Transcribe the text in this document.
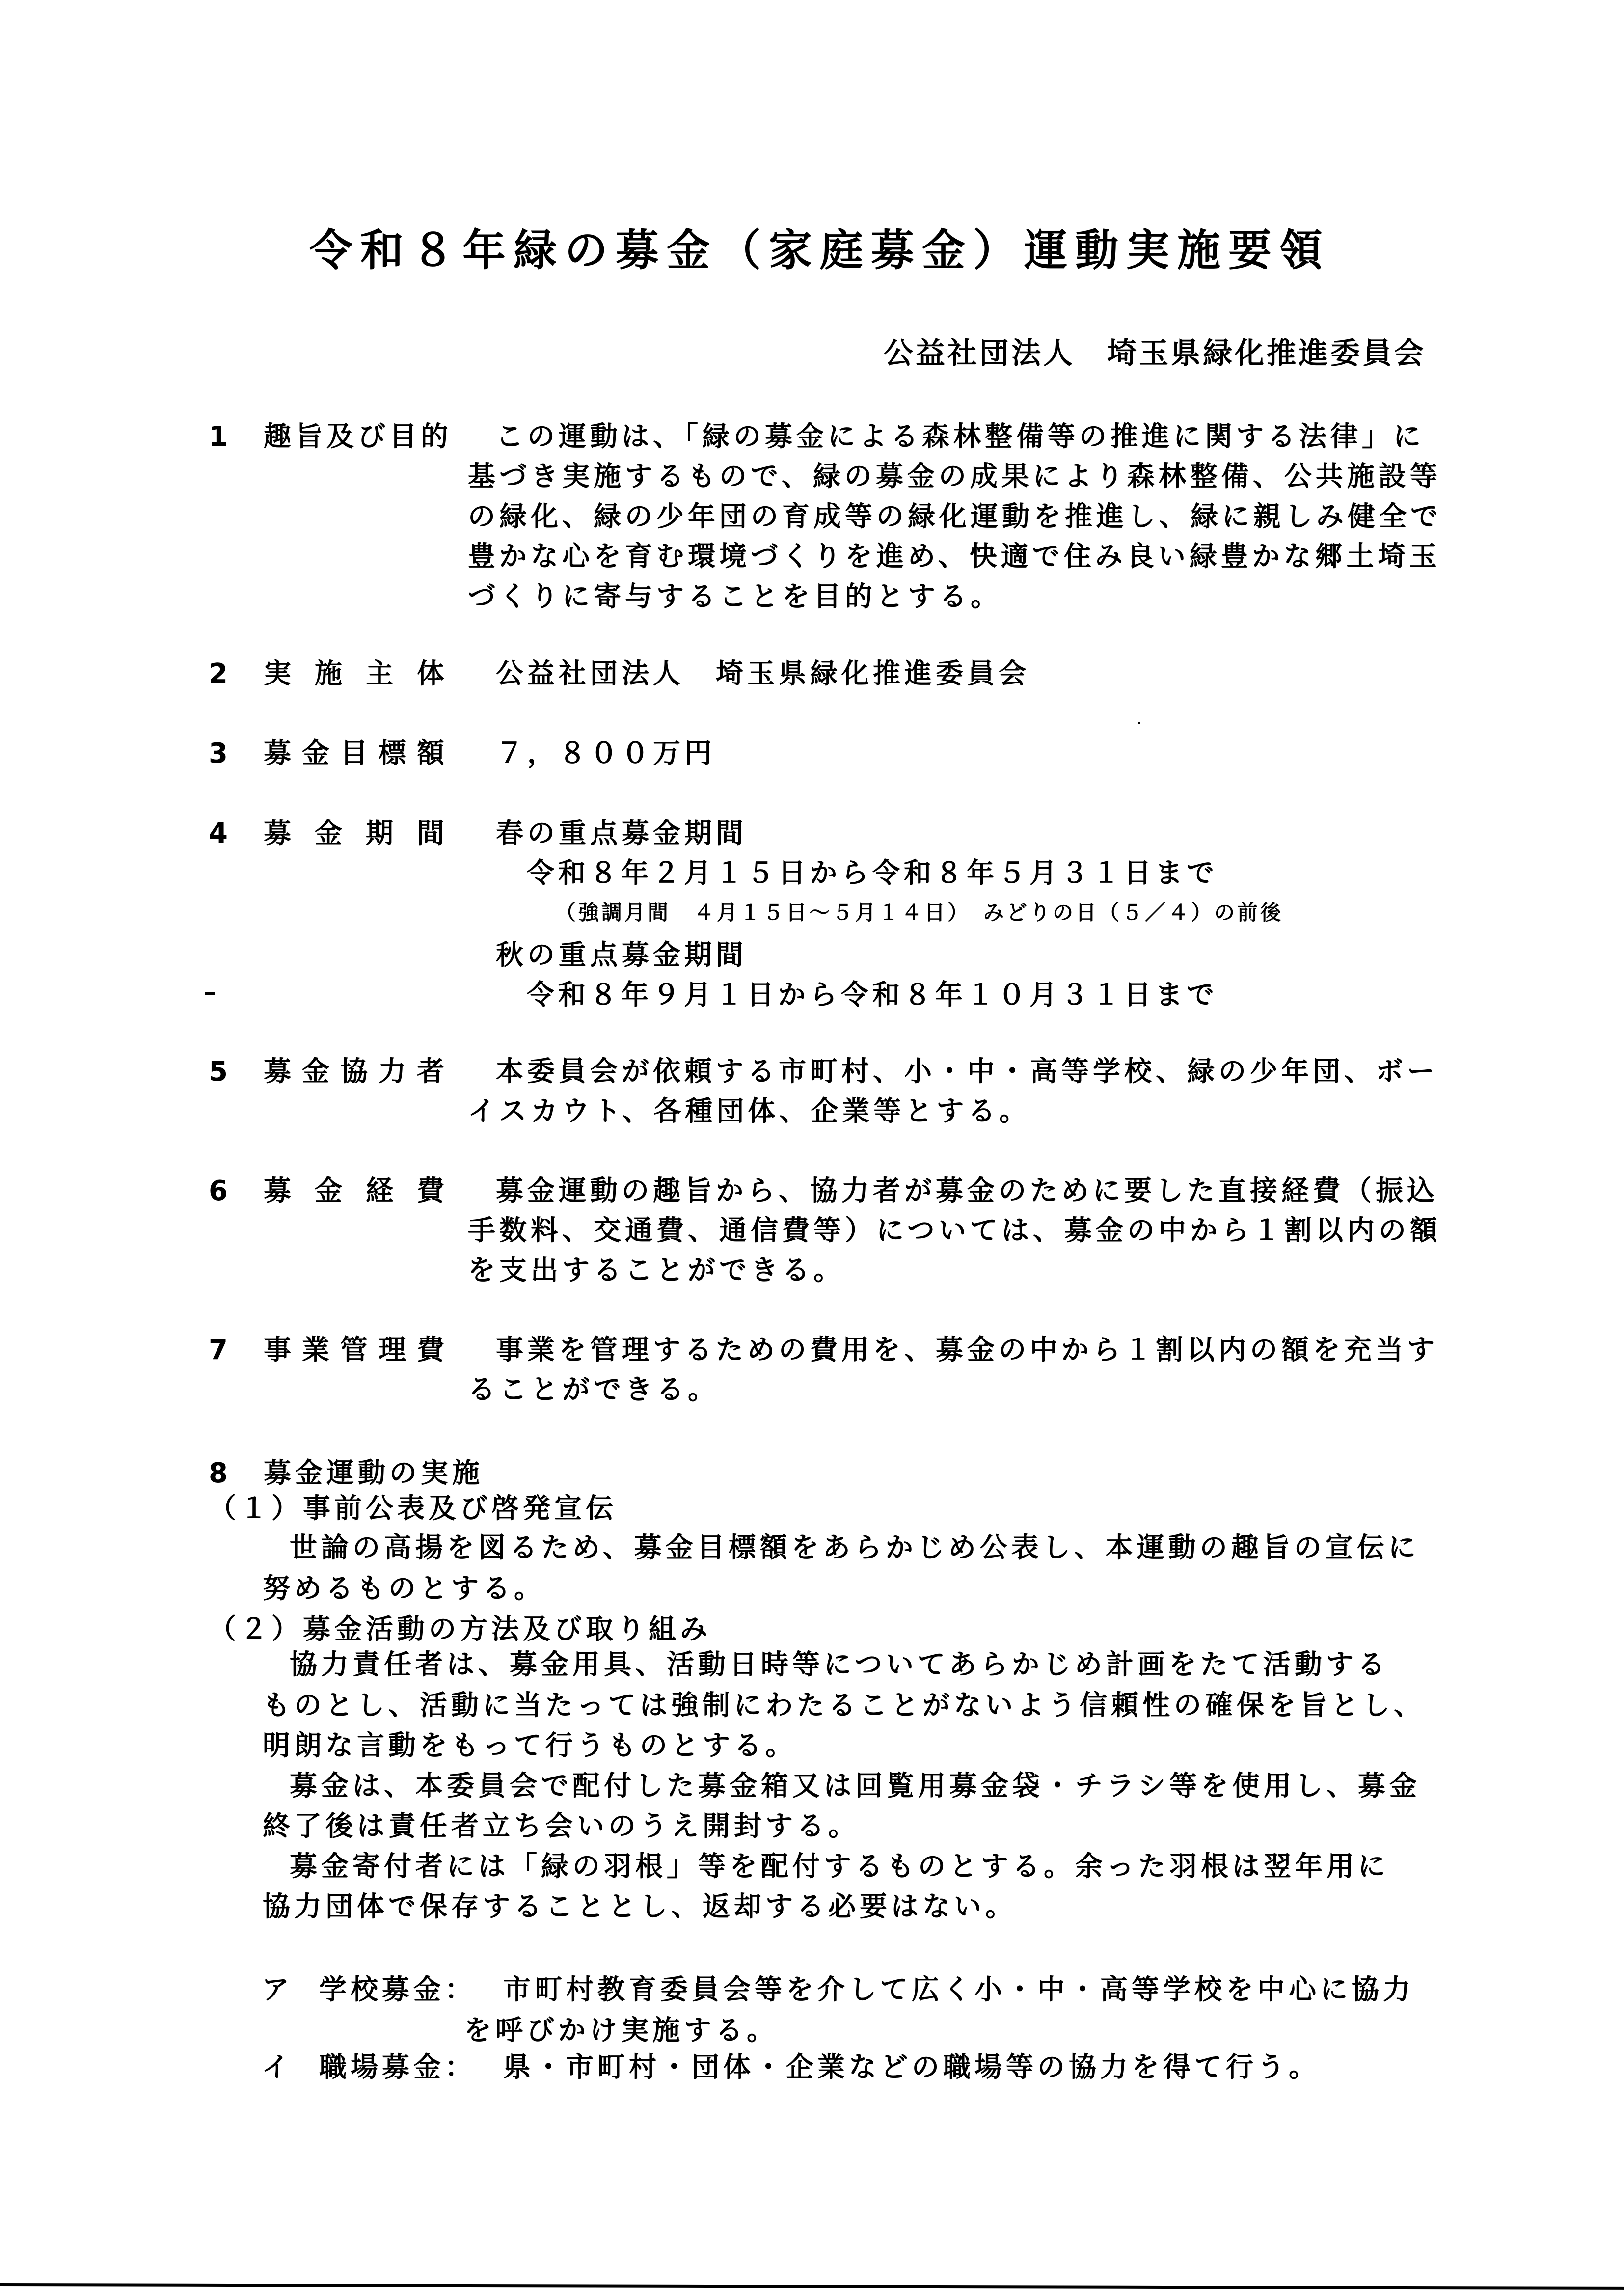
令和８年緑の募金（家庭募金）運動実施要領
公益社団法人　埼玉県緑化推進委員会
1 趣旨及び目的 この運動は、「緑の募金による森林整備等の推進に関する法律」に
基づき実施するもので、緑の募金の成果により森林整備、公共施設等
の緑化、緑の少年団の育成等の緑化運動を推進し、緑に親しみ健全で
豊かな心を育む環境づくりを進め、快適で住み良い緑豊かな郷土埼玉
づくりに寄与することを目的とする。
2 実施主体 公益社団法人　埼玉県緑化推進委員会
3 募金目標額 ７，８００万円
4 募金期間 春の重点募金期間
令和８年２月１５日から令和８年５月３１日まで
（強調月間　４月１５日～５月１４日）　みどりの日（５／４）の前後
秋の重点募金期間
令和８年９月１日から令和８年１０月３１日まで
5 募金協力者 本委員会が依頼する市町村、小・中・高等学校、緑の少年団、ボー
イスカウト、各種団体、企業等とする。
6 募金経費 募金運動の趣旨から、協力者が募金のために要した直接経費（振込
手数料、交通費、通信費等）については、募金の中から１割以内の額
を支出することができる。
7 事業管理費 事業を管理するための費用を、募金の中から１割以内の額を充当す
ることができる。
8 募金運動の実施
（１）事前公表及び啓発宣伝
世論の高揚を図るため、募金目標額をあらかじめ公表し、本運動の趣旨の宣伝に
努めるものとする。
（２）募金活動の方法及び取り組み
協力責任者は、募金用具、活動日時等についてあらかじめ計画をたて活動する
ものとし、活動に当たっては強制にわたることがないよう信頼性の確保を旨とし、
明朗な言動をもって行うものとする。
募金は、本委員会で配付した募金箱又は回覧用募金袋・チラシ等を使用し、募金
終了後は責任者立ち会いのうえ開封する。
募金寄付者には「緑の羽根」等を配付するものとする。余った羽根は翌年用に
協力団体で保存することとし、返却する必要はない。
ア 学校募金： 市町村教育委員会等を介して広く小・中・高等学校を中心に協力
を呼びかけ実施する。
イ 職場募金： 県・市町村・団体・企業などの職場等の協力を得て行う。
